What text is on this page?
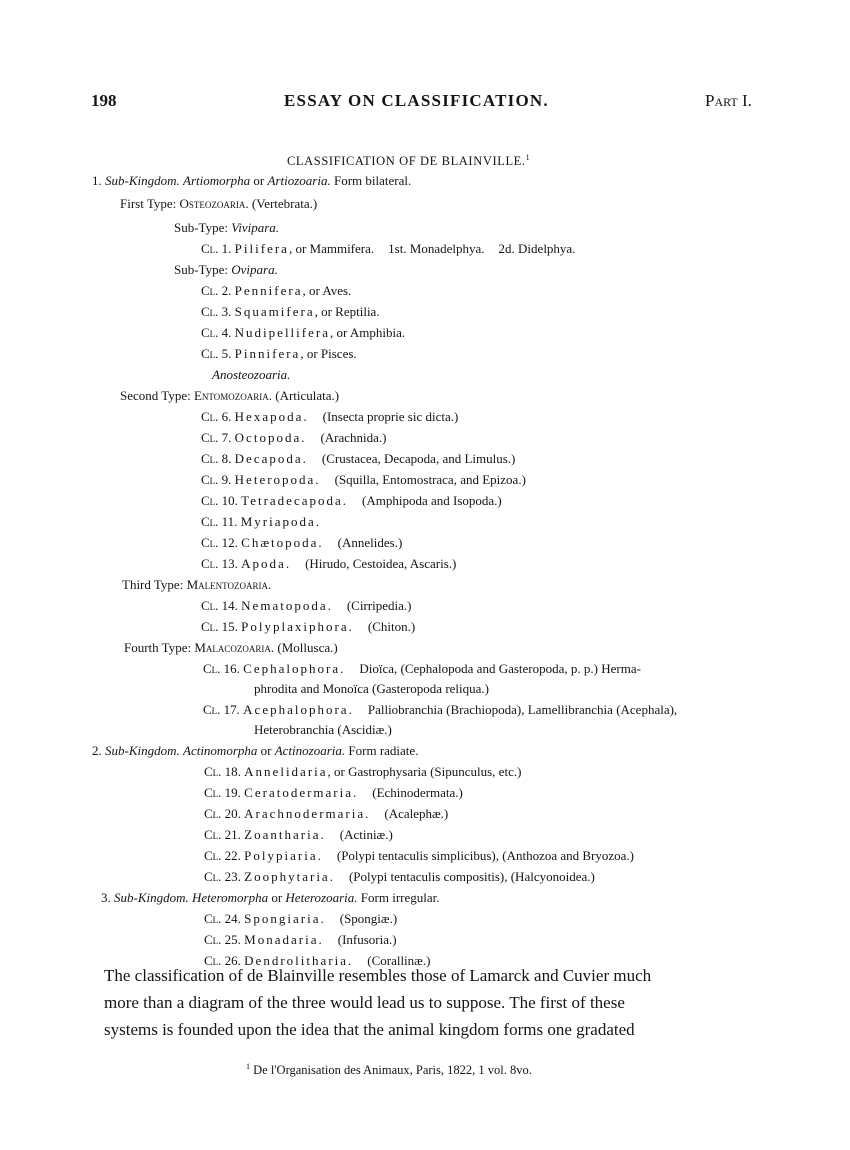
198	ESSAY ON CLASSIFICATION.	Part I.
CLASSIFICATION OF DE BLAINVILLE.$^1$
1. Sub-Kingdom. Artiomorpha or Artiozoaria. Form bilateral.
First Type: Osteozoaria. (Vertebrata.)
Sub-Type: Vivipara.
Cl. 1. Pilifera, or Mammifera. 1st. Monadelphya. 2d. Didelphya.
Sub-Type: Ovipara.
Cl. 2. Pennifera, or Aves.
Cl. 3. Squamifera, or Reptilia.
Cl. 4. Nudipellifera, or Amphibia.
Cl. 5. Pinnifera, or Pisces.
Anosteozoaria.
Second Type: Entomozoaria. (Articulata.)
Cl. 6. Hexapoda. (Insecta proprie sic dicta.)
Cl. 7. Octopoda. (Arachnida.)
Cl. 8. Decapoda. (Crustacea, Decapoda, and Limulus.)
Cl. 9. Heteropoda. (Squilla, Entomostraca, and Epizoa.)
Cl. 10. Tetradecapoda. (Amphipoda and Isopoda.)
Cl. 11. Myriapoda.
Cl. 12. Chætopoda. (Annelides.)
Cl. 13. Apoda. (Hirudo, Cestoidea, Ascaris.)
Third Type: Malentozoaria.
Cl. 14. Nematopoda. (Cirripedia.)
Cl. 15. Polyplaxiphora. (Chiton.)
Fourth Type: Malacozoaria. (Mollusca.)
Cl. 16. Cephalophora. Dioïca, (Cephalopoda and Gasteropoda, p. p.) Herma-
phrodita and Monoïca (Gasteropoda reliqua.)
Cl. 17. Acephalophora. Palliobranchia (Brachiopoda), Lamellibranchia (Acephala),
Heterobranchia (Ascidiæ.)
2. Sub-Kingdom. Actinomorpha or Actinozoaria. Form radiate.
Cl. 18. Annelidaria, or Gastrophysaria (Sipunculus, etc.)
Cl. 19. Ceratodermaria. (Echinodermata.)
Cl. 20. Arachnodermaria. (Acalephæ.)
Cl. 21. Zoantharia. (Actiniæ.)
Cl. 22. Polypiaria. (Polypi tentaculis simplicibus), (Anthozoa and Bryozoa.)
Cl. 23. Zoophytaria. (Polypi tentaculis compositis), (Halcyonoidea.)
3. Sub-Kingdom. Heteromorpha or Heterozoaria. Form irregular.
Cl. 24. Spongiaria. (Spongiæ.)
Cl. 25. Monadaria. (Infusoria.)
Cl. 26. Dendrolitharia. (Corallinæ.)
The classification of de Blainville resembles those of Lamarck and Cuvier much
more than a diagram of the three would lead us to suppose. The first of these
systems is founded upon the idea that the animal kingdom forms one gradated
$^1$ De l'Organisation des Animaux, Paris, 1822, 1 vol. 8vo.
